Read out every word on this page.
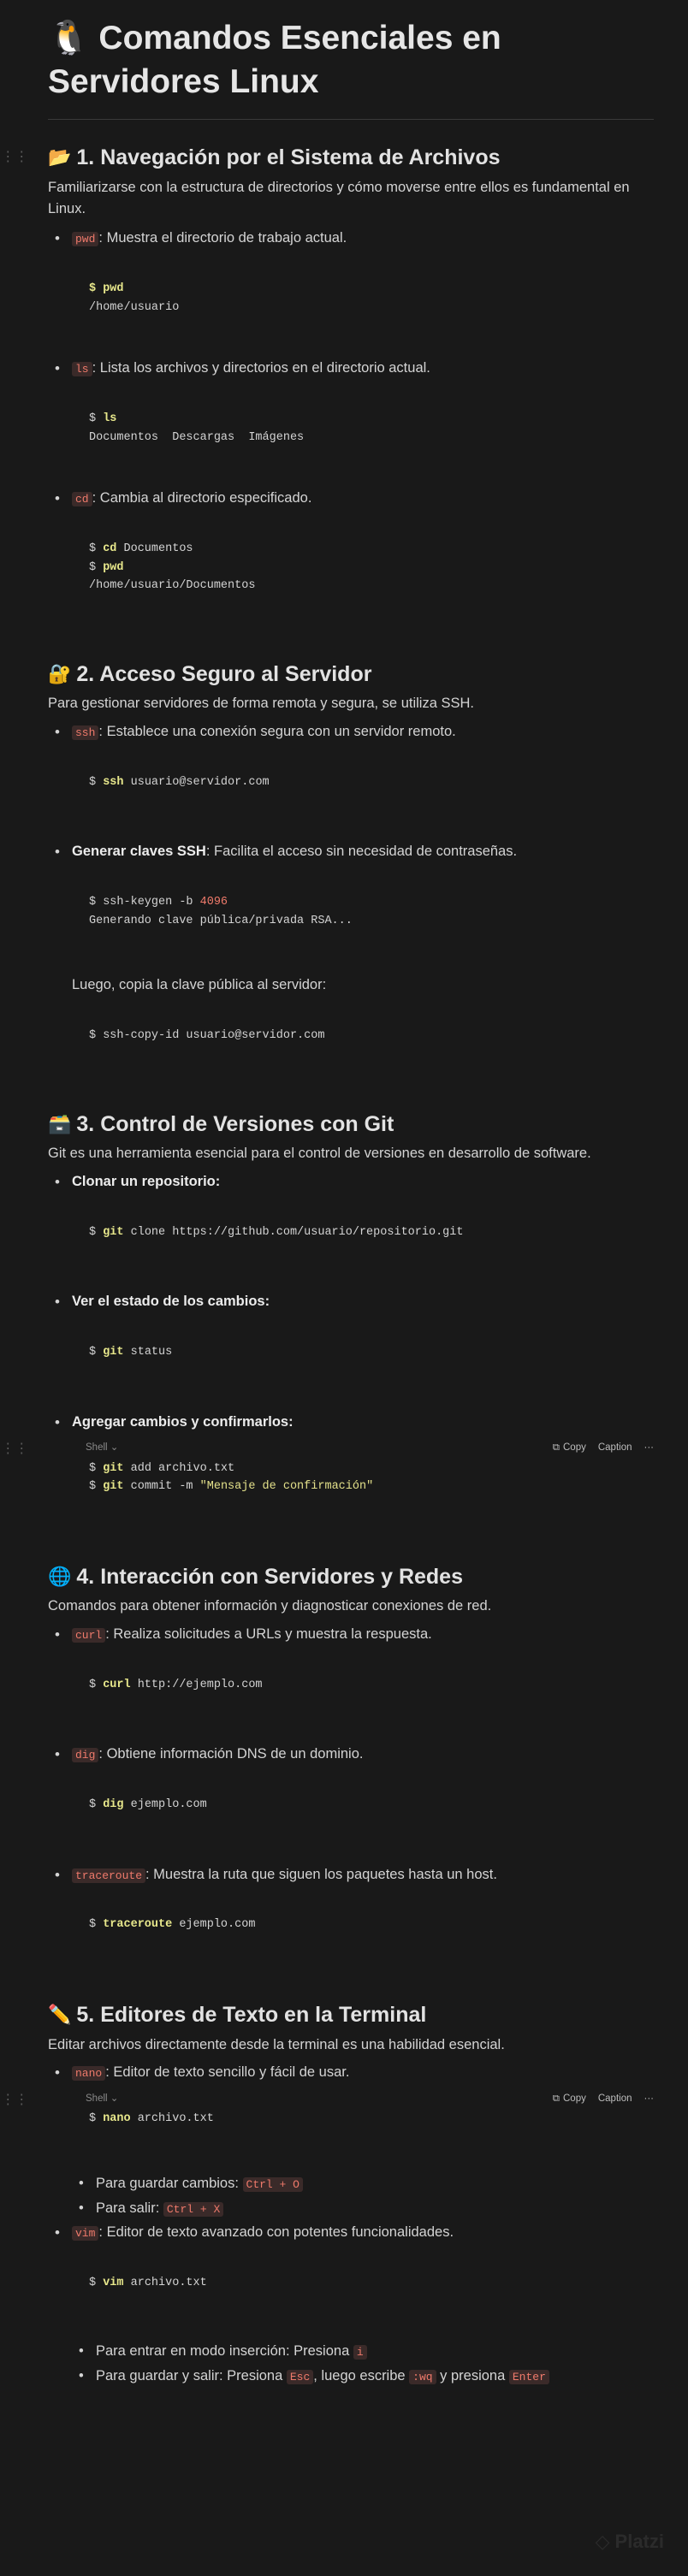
🐧 Comandos Esenciales en Servidores Linux
⋮⋮ 📂 1. Navegación por el Sistema de Archivos

Familiarizarse con la estructura de directorios y cómo moverse entre ellos es fundamental en Linux.

• pwd : Muestra el directorio de trabajo actual.
$ pwd
/home/usuario
• ls : Lista los archivos y directorios en el directorio actual.
$ ls
Documentos  Descargas  Imágenes
• cd : Cambia al directorio especificado.
$ cd Documentos
$ pwd
/home/usuario/Documentos
🔐 2. Acceso Seguro al Servidor

Para gestionar servidores de forma remota y segura, se utiliza SSH.

• ssh : Establece una conexión segura con un servidor remoto.
$ ssh usuario@servidor.com
• Generar claves SSH: Facilita el acceso sin necesidad de contraseñas.
$ ssh-keygen -b 4096
Generando clave pública/privada RSA...

Luego, copia la clave pública al servidor:

$ ssh-copy-id usuario@servidor.com
🗃️ 3. Control de Versiones con Git

Git es una herramienta esencial para el control de versiones en desarrollo de software.

• Clonar un repositorio:
$ git clone https://github.com/usuario/repositorio.git
• Ver el estado de los cambios:
$ git status
• Agregar cambios y confirmarlos:
⋮⋮	Shell ⌄	⧉ Copy Caption ···
$ git add archivo.txt
$ git commit -m "Mensaje de confirmación"
🌐 4. Interacción con Servidores y Redes

Comandos para obtener información y diagnosticar conexiones de red.

• curl : Realiza solicitudes a URLs y muestra la respuesta.
$ curl http://ejemplo.com
• dig : Obtiene información DNS de un dominio.
$ dig ejemplo.com
• traceroute : Muestra la ruta que siguen los paquetes hasta un host.
$ traceroute ejemplo.com
✏️ 5. Editores de Texto en la Terminal

Editar archivos directamente desde la terminal es una habilidad esencial.

• nano : Editor de texto sencillo y fácil de usar.
⋮⋮	Shell ⌄	⧉ Copy Caption ···
$ nano archivo.txt
• Para guardar cambios: Ctrl + O
• Para salir: Ctrl + X
• vim : Editor de texto avanzado con potentes funcionalidades.
$ vim archivo.txt
• Para entrar en modo inserción: Presiona i
• Para guardar y salir: Presiona Esc , luego escribe :wq y presiona Enter
◇ Platzi
